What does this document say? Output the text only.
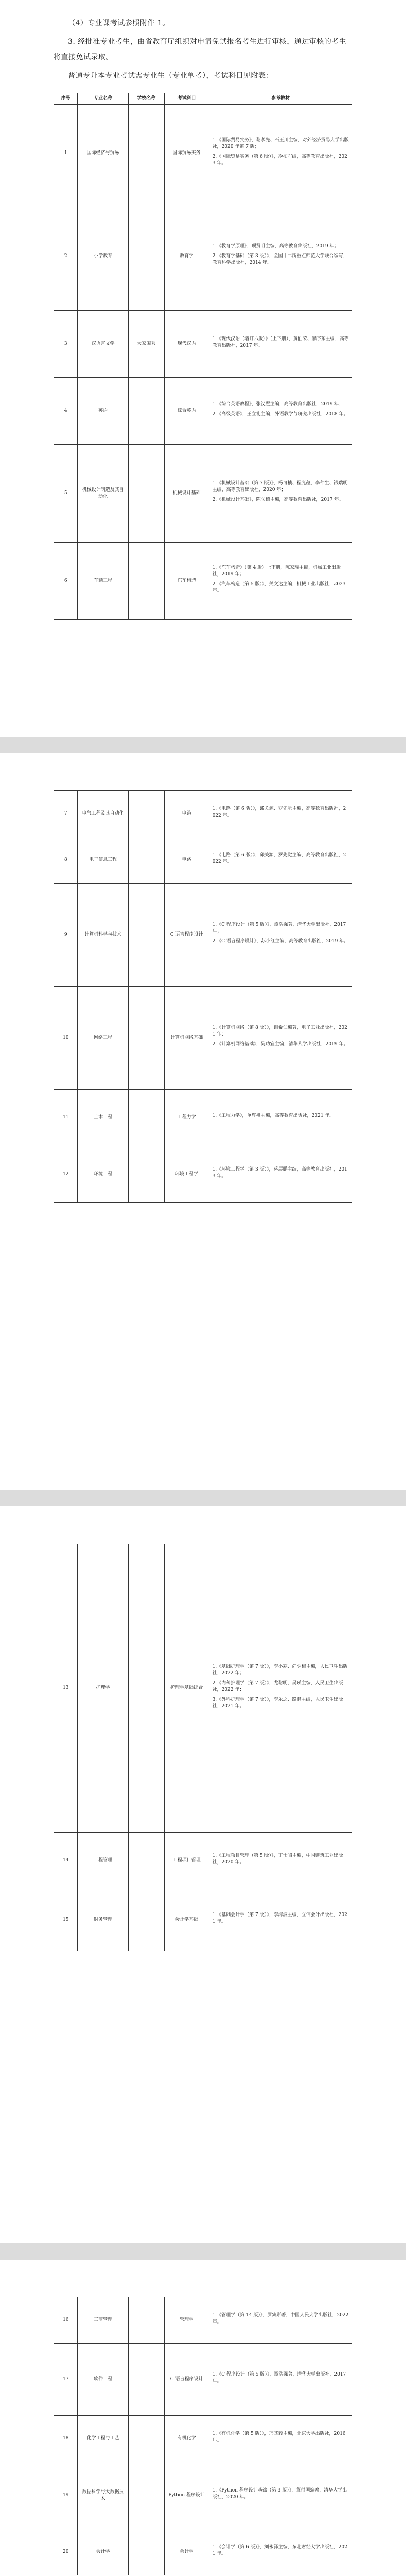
（4）专业课考试参照附件 1。

3. 经批准专业考生，由省教育厅组织对申请免试报名考生进行审核，通过审核的考生将直接免试录取。

普通专升本专业考试需专业生（专业单考），考试科目见附表：

序号	专业名称	学校名称	考试科目	参考教材
1	国际经济与贸易		国际贸易实务	1.《国际贸易实务》，黎孝先、石玉川主编，对外经济贸易大学出版社，2020 年第 7 版；
2.《国际贸易实务（第 6 版）》，冷柏军编，高等教育出版社，2023 年。

2	小学教育		教育学	1.《教育学原理》，项贤明主编，高等教育出版社，2019 年；
2.《教育学基础（第 3 版）》，全国十二所重点师范大学联合编写，教育科学出版社，2014 年。

3	汉语言文学	大家闺秀	现代汉语	1.《现代汉语（增订六版）》（上下册），黄伯荣、廖序东主编，高等教育出版社，2017 年。

4	英语		综合英语	1.《综合英语教程》，张汉熙主编，高等教育出版社，2019 年；
2.《高级英语》，王立礼主编，外语教学与研究出版社，2018 年。

5	机械设计制造及其自动化		机械设计基础	1.《机械设计基础（第 7 版）》，杨可桢、程光蕴、李仲生、钱瑞明主编，高等教育出版社，2020 年；
2.《机械设计基础》，陈立德主编，高等教育出版社，2017 年。

6	车辆工程		汽车构造	1.《汽车构造》（第 4 版）上下册，陈家瑞主编，机械工业出版社，2019 年；
2.《汽车构造（第 5 版）》，关文达主编，机械工业出版社，2023 年。
7	电气工程及其自动化		电路	1.《电路（第 6 版）》，邱关源、罗先觉主编，高等教育出版社，2022 年。

8	电子信息工程		电路	1.《电路（第 6 版）》，邱关源、罗先觉主编，高等教育出版社，2022 年。

9	计算机科学与技术		C 语言程序设计	1.《C 程序设计（第 5 版）》，谭浩强著，清华大学出版社，2017 年；
2.《C 语言程序设计》，苏小红主编，高等教育出版社，2019 年。

10	网络工程		计算机网络基础	1.《计算机网络（第 8 版）》，谢希仁编著，电子工业出版社，2021 年；
2.《计算机网络基础》，吴功宜主编，清华大学出版社，2019 年。

11	土木工程		工程力学	1.《工程力学》，单辉祖主编，高等教育出版社，2021 年。

12	环境工程		环境工程学	1.《环境工程学（第 3 版）》，蒋展鹏主编，高等教育出版社，2013 年。
13	护理学		护理学基础综合	1.《基础护理学（第 7 版）》，李小寒、尚少梅主编，人民卫生出版社，2022 年；
2.《内科护理学（第 7 版）》，尤黎明、吴瑛主编，人民卫生出版社，2022 年；
3.《外科护理学（第 7 版）》，李乐之、路潜主编，人民卫生出版社，2021 年。

14	工程管理		工程项目管理	1.《工程项目管理（第 5 版）》，丁士昭主编，中国建筑工业出版社，2020 年。

15	财务管理		会计学基础	1.《基础会计学（第 7 版）》，李海波主编，立信会计出版社，2021 年。
16	工商管理		管理学	1.《管理学（第 14 版）》，罗宾斯著，中国人民大学出版社，2022 年。

17	软件工程		C 语言程序设计	1.《C 程序设计（第 5 版）》，谭浩强著，清华大学出版社，2017 年。

18	化学工程与工艺		有机化学	1.《有机化学（第 5 版）》，邢其毅主编，北京大学出版社，2016 年。

19	数据科学与大数据技术		Python 程序设计	1.《Python 程序设计基础（第 3 版）》，董付国编著，清华大学出版社，2020 年。

20	会计学		会计学	1.《会计学（第 6 版）》，刘永泽主编，东北财经大学出版社，2021 年。
